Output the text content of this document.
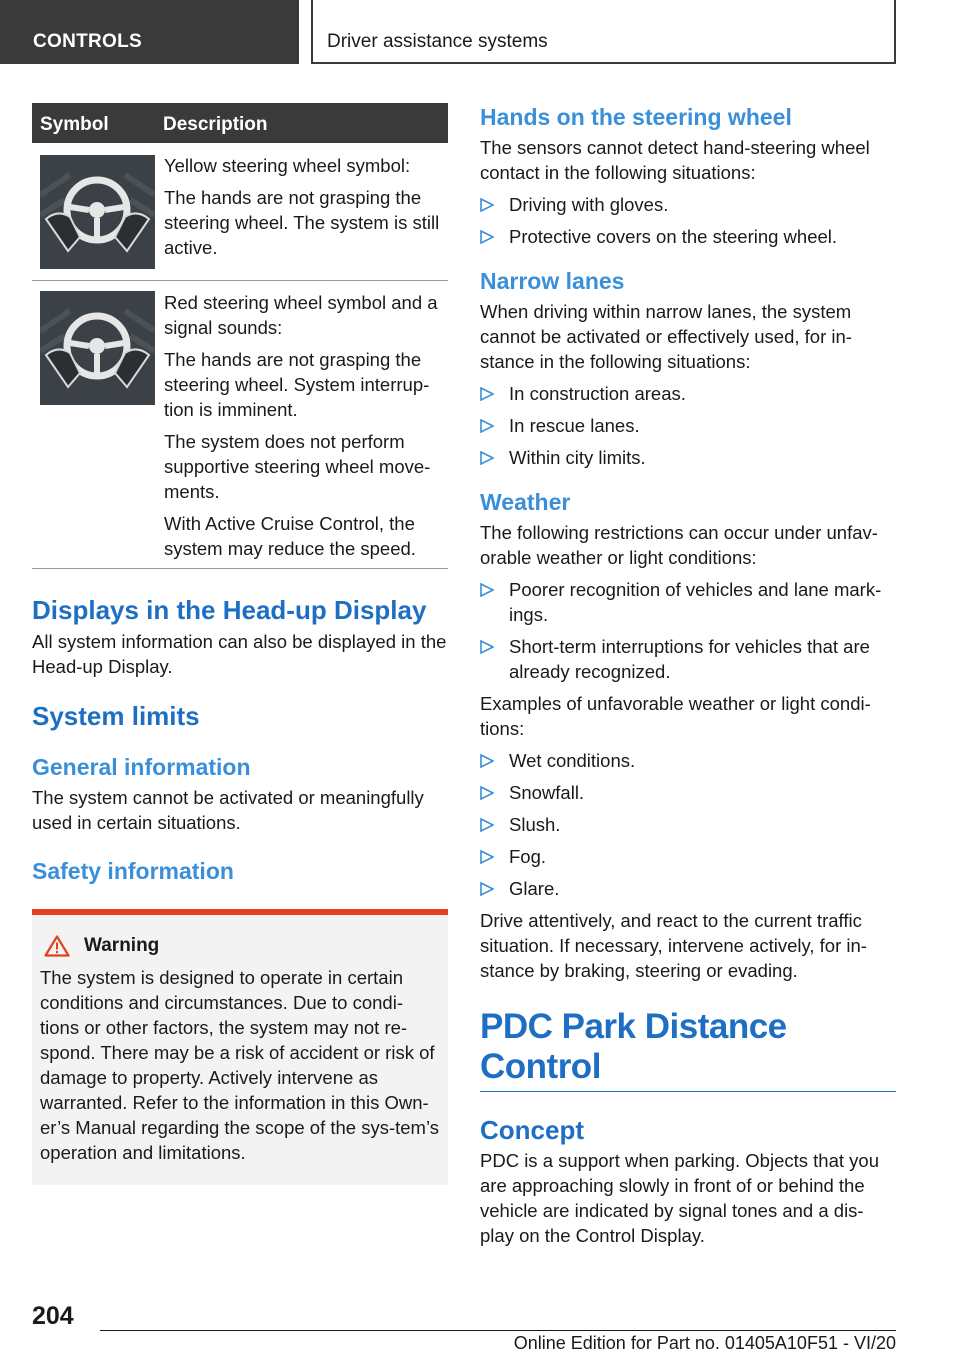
CONTROLS	Driver assistance systems
Symbol	Description

Yellow steering wheel symbol:

The hands are not grasping the steering wheel. The system is still active.

Red steering wheel symbol and a signal sounds:

The hands are not grasping the steering wheel. System interrup-tion is imminent.

The system does not perform supportive steering wheel move-ments.

With Active Cruise Control, the system may reduce the speed.

Displays in the Head-up Display

All system information can also be displayed in the Head-up Display.

System limits
General information

The system cannot be activated or meaningfully used in certain situations.

Safety information
Warning

The system is designed to operate in certain conditions and circumstances. Due to condi-tions or other factors, the system may not re-spond. There may be a risk of accident or risk of damage to property. Actively intervene as warranted. Refer to the information in this Own-er’s Manual regarding the scope of the sys-tem’s operation and limitations.

Hands on the steering wheel

The sensors cannot detect hand-steering wheel contact in the following situations:

Driving with gloves.
Protective covers on the steering wheel.
Narrow lanes

When driving within narrow lanes, the system cannot be activated or effectively used, for in-stance in the following situations:

In construction areas.
In rescue lanes.
Within city limits.
Weather

The following restrictions can occur under unfav-orable weather or light conditions:

Poorer recognition of vehicles and lane mark-ings.
Short-term interruptions for vehicles that are already recognized.

Examples of unfavorable weather or light condi-tions:

Wet conditions.
Snowfall.
Slush.
Fog.
Glare.

Drive attentively, and react to the current traffic situation. If necessary, intervene actively, for in-stance by braking, steering or evading.

PDC Park Distance Control
Concept

PDC is a support when parking. Objects that you are approaching slowly in front of or behind the vehicle are indicated by signal tones and a dis-play on the Control Display.

204
Online Edition for Part no. 01405A10F51 - VI/20
